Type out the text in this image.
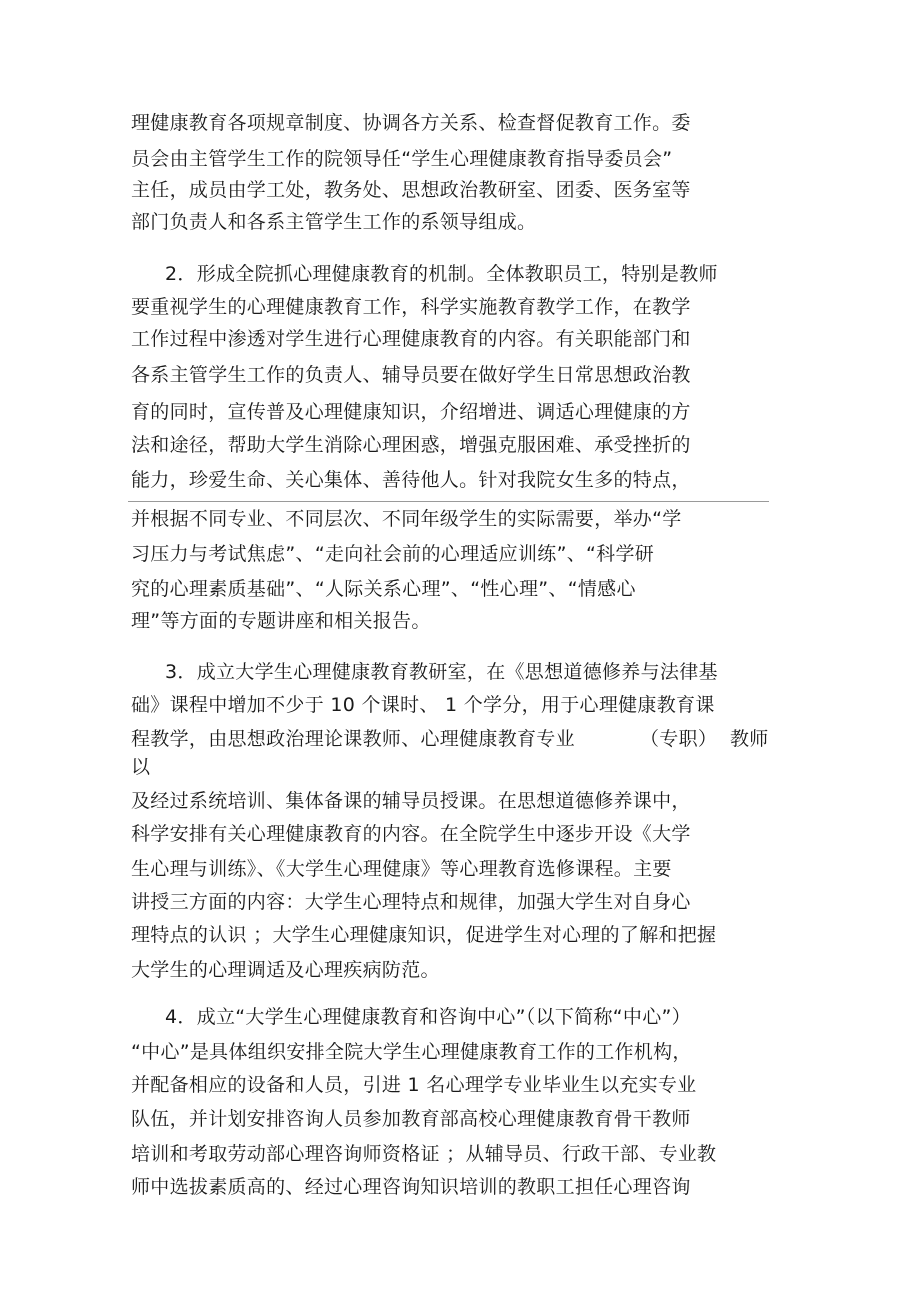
理健康教育各项规章制度、协调各方关系、检查督促教育工作。委
员会由主管学生工作的院领导任“学生心理健康教育指导委员会”
主任，成员由学工处，教务处、思想政治教研室、团委、医务室等
部门负责人和各系主管学生工作的系领导组成。
2．形成全院抓心理健康教育的机制。全体教职员工，特别是教师
要重视学生的心理健康教育工作，科学实施教育教学工作，在教学
工作过程中渗透对学生进行心理健康教育的内容。有关职能部门和
各系主管学生工作的负责人、辅导员要在做好学生日常思想政治教
育的同时，宣传普及心理健康知识，介绍增进、调适心理健康的方
法和途径，帮助大学生消除心理困惑，增强克服困难、承受挫折的
能力，珍爱生命、关心集体、善待他人。针对我院女生多的特点，
并根据不同专业、不同层次、不同年级学生的实际需要，举办“学
习压力与考试焦虑”、“走向社会前的心理适应训练”、“科学研
究的心理素质基础”、“人际关系心理”、“性心理”、“情感心
理”等方面的专题讲座和相关报告。
3．成立大学生心理健康教育教研室，在《思想道德修养与法律基
础》课程中增加不少于 10 个课时、 1 个学分，用于心理健康教育课
程教学，由思想政治理论课教师、心理健康教育专业	（专职） 教师
以
及经过系统培训、集体备课的辅导员授课。在思想道德修养课中，
科学安排有关心理健康教育的内容。在全院学生中逐步开设《大学
生心理与训练》、《大学生心理健康》等心理教育选修课程。主要
讲授三方面的内容：大学生心理特点和规律，加强大学生对自身心
理特点的认识 ；大学生心理健康知识，促进学生对心理的了解和把握
大学生的心理调适及心理疾病防范。
4．成立“大学生心理健康教育和咨询中心”（以下简称“中心”）
“中心”是具体组织安排全院大学生心理健康教育工作的工作机构，
并配备相应的设备和人员，引进 1 名心理学专业毕业生以充实专业
队伍，并计划安排咨询人员参加教育部高校心理健康教育骨干教师
培训和考取劳动部心理咨询师资格证 ；从辅导员、行政干部、专业教
师中选拔素质高的、经过心理咨询知识培训的教职工担任心理咨询
